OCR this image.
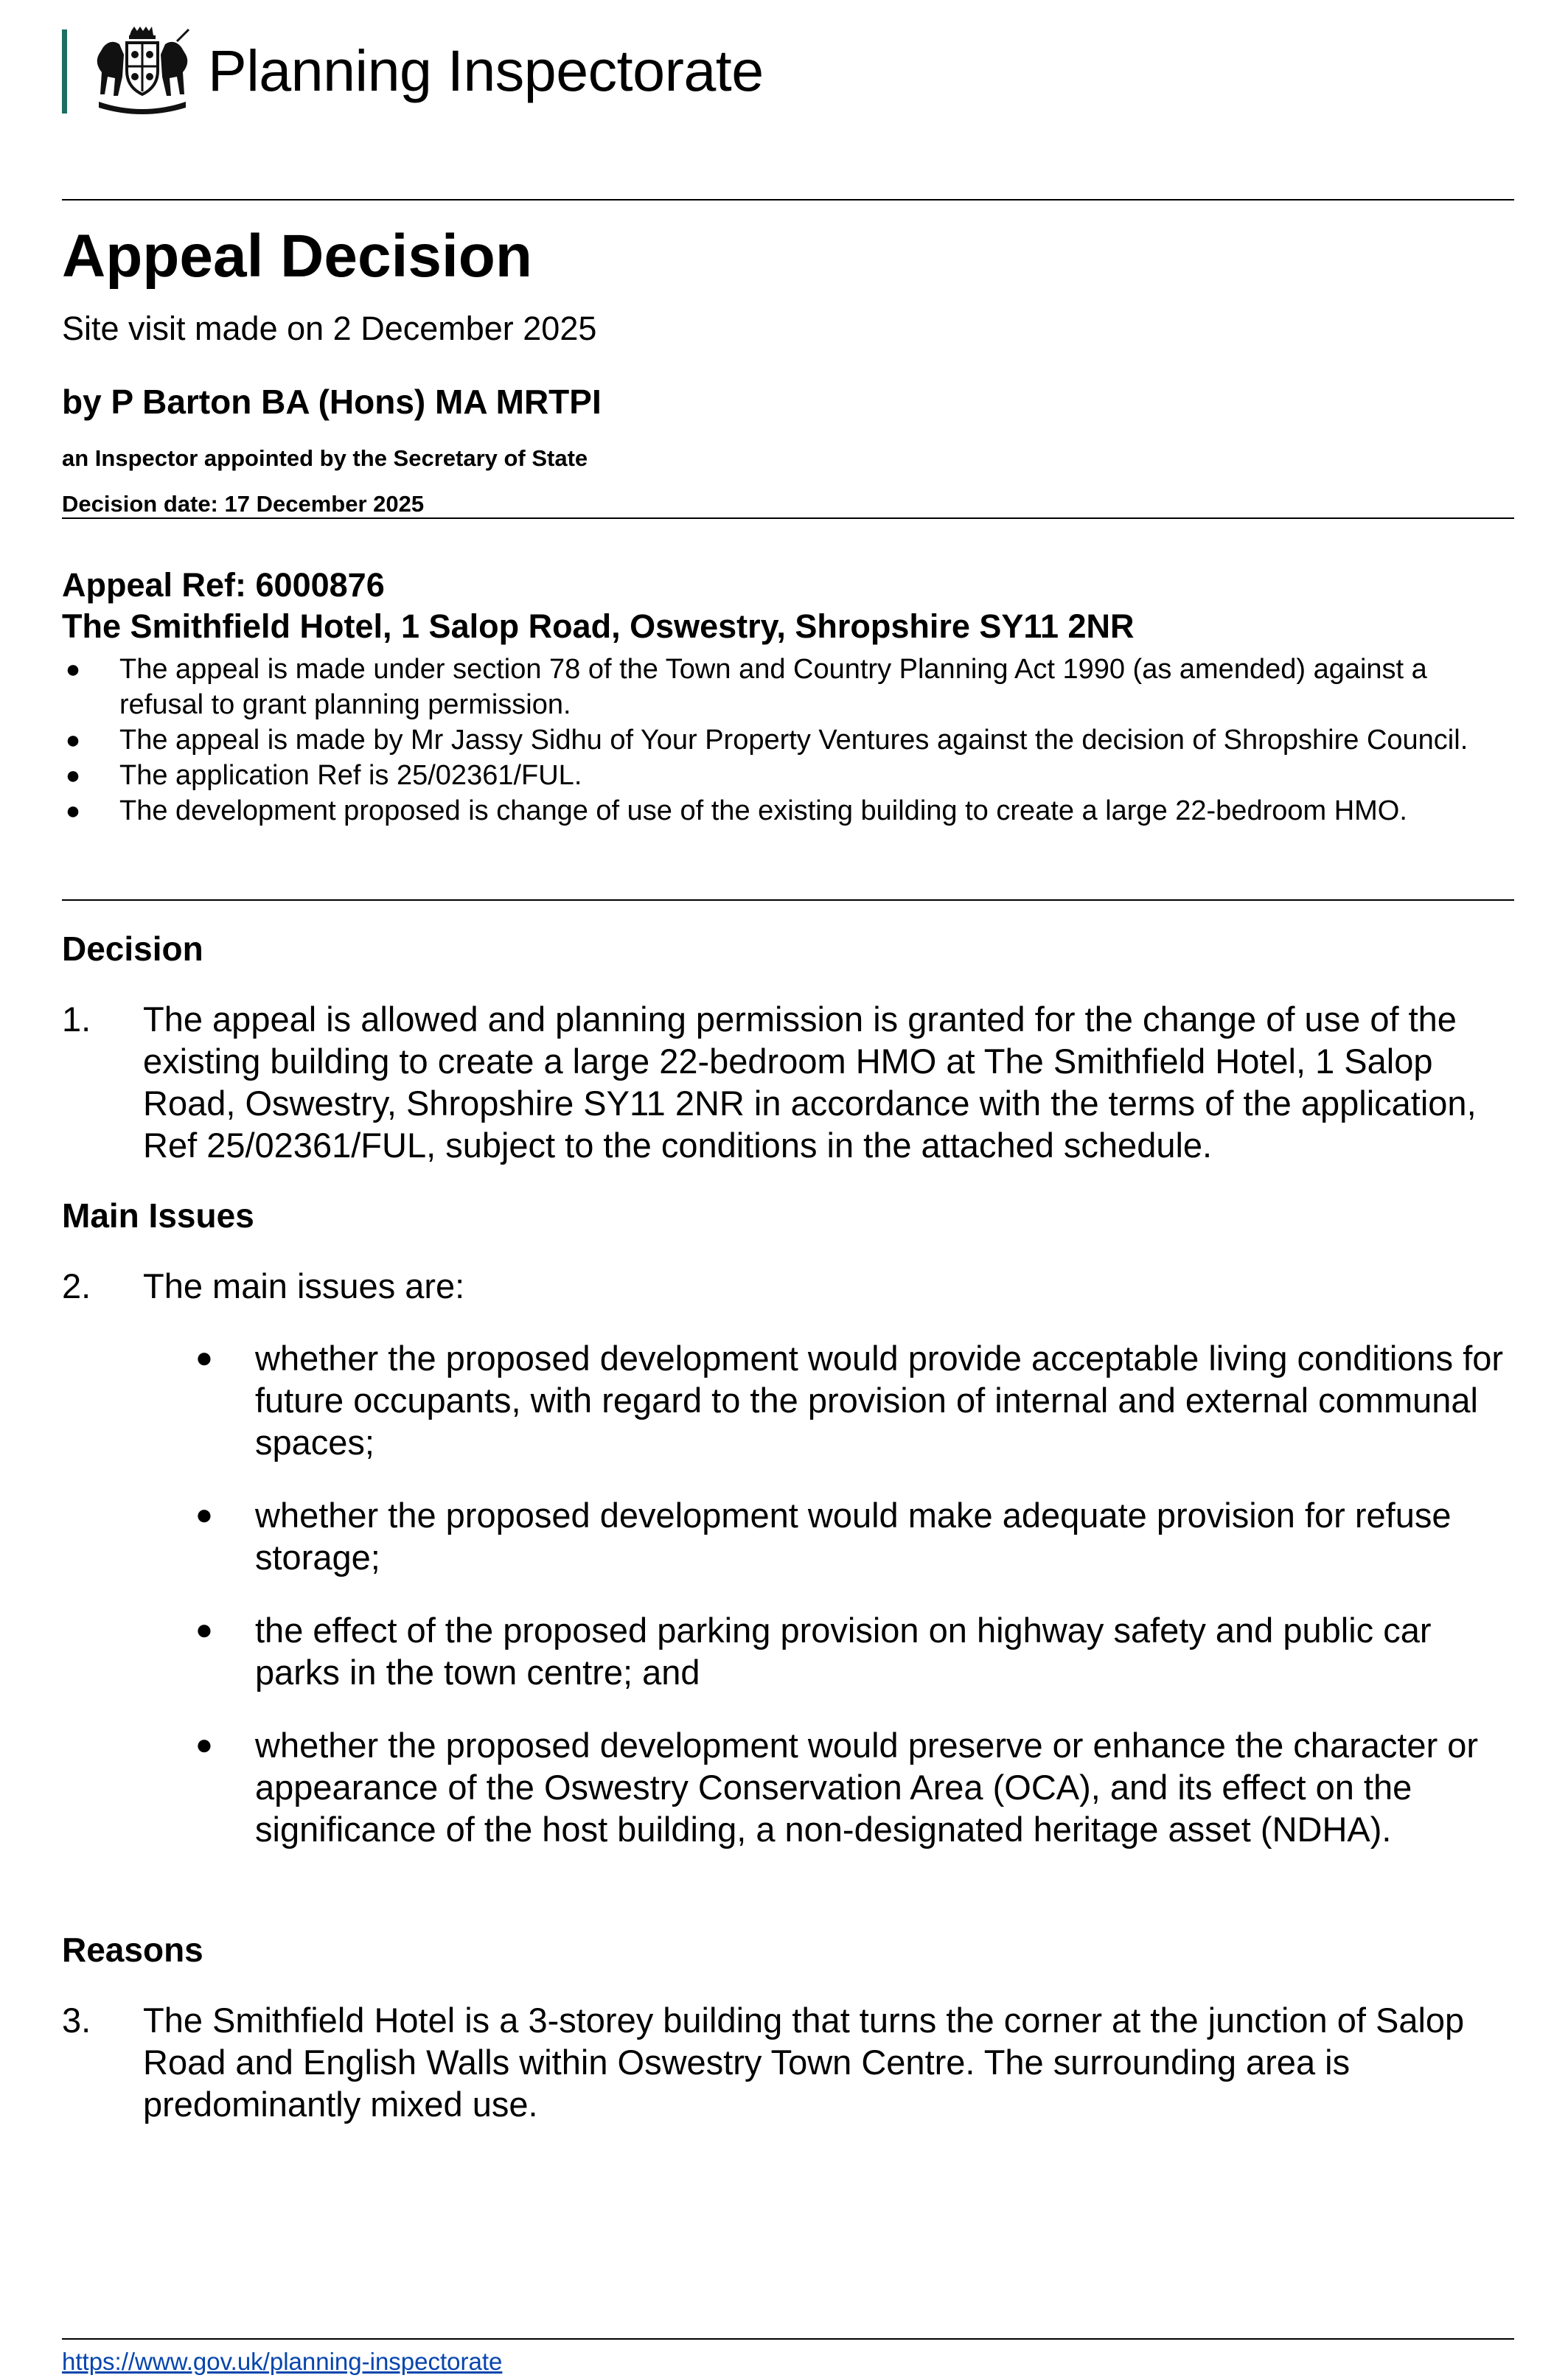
Planning Inspectorate
Appeal Decision
Site visit made on 2 December 2025
by P Barton BA (Hons) MA MRTPI
an Inspector appointed by the Secretary of State
Decision date: 17 December 2025
Appeal Ref: 6000876
The Smithfield Hotel, 1 Salop Road, Oswestry, Shropshire SY11 2NR
● The appeal is made under section 78 of the Town and Country Planning Act 1990 (as amended) against a refusal to grant planning permission.
● The appeal is made by Mr Jassy Sidhu of Your Property Ventures against the decision of Shropshire Council.
● The application Ref is 25/02361/FUL.
● The development proposed is change of use of the existing building to create a large 22-bedroom HMO.
Decision
1. The appeal is allowed and planning permission is granted for the change of use of the existing building to create a large 22-bedroom HMO at The Smithfield Hotel, 1 Salop Road, Oswestry, Shropshire SY11 2NR in accordance with the terms of the application, Ref 25/02361/FUL, subject to the conditions in the attached schedule.
Main Issues
2. The main issues are:
● whether the proposed development would provide acceptable living conditions for future occupants, with regard to the provision of internal and external communal spaces;
● whether the proposed development would make adequate provision for refuse storage;
● the effect of the proposed parking provision on highway safety and public car parks in the town centre; and
● whether the proposed development would preserve or enhance the character or appearance of the Oswestry Conservation Area (OCA), and its effect on the significance of the host building, a non-designated heritage asset (NDHA).
Reasons
3. The Smithfield Hotel is a 3-storey building that turns the corner at the junction of Salop Road and English Walls within Oswestry Town Centre. The surrounding area is predominantly mixed use.
https://www.gov.uk/planning-inspectorate
